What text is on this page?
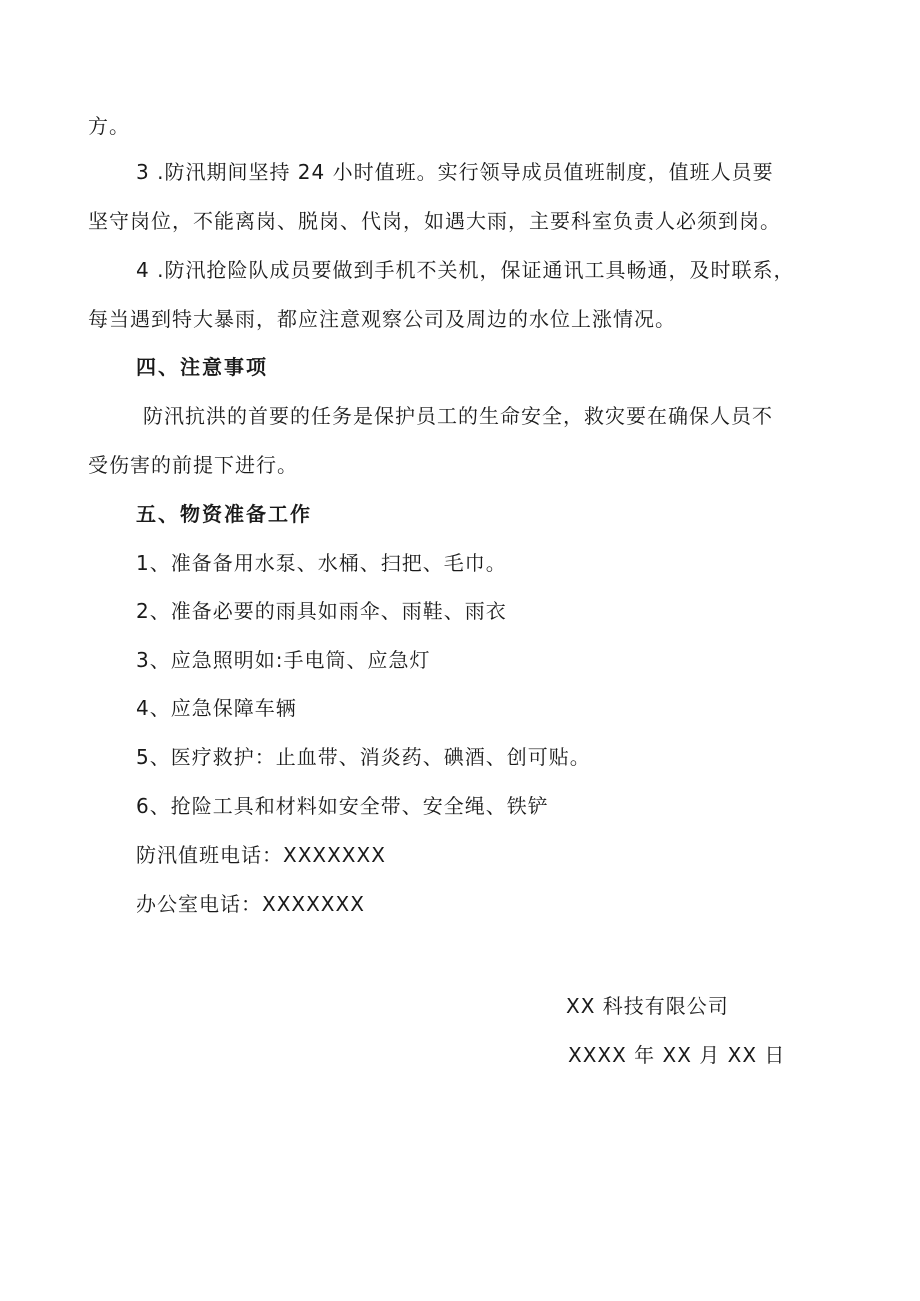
方。
3 .防汛期间坚持 24 小时值班。实行领导成员值班制度，值班人员要
坚守岗位，不能离岗、脱岗、代岗，如遇大雨，主要科室负责人必须到岗。
4 .防汛抢险队成员要做到手机不关机，保证通讯工具畅通，及时联系，
每当遇到特大暴雨，都应注意观察公司及周边的水位上涨情况。
四、注意事项
防汛抗洪的首要的任务是保护员工的生命安全，救灾要在确保人员不
受伤害的前提下进行。
五、物资准备工作
1、准备备用水泵、水桶、扫把、毛巾。
2、准备必要的雨具如雨伞、雨鞋、雨衣
3、应急照明如:手电筒、应急灯
4、应急保障车辆
5、医疗救护：止血带、消炎药、碘酒、创可贴。
6、抢险工具和材料如安全带、安全绳、铁铲
防汛值班电话：XXXXXXX
办公室电话：XXXXXXX
XX 科技有限公司
XXXX 年 XX 月 XX 日
